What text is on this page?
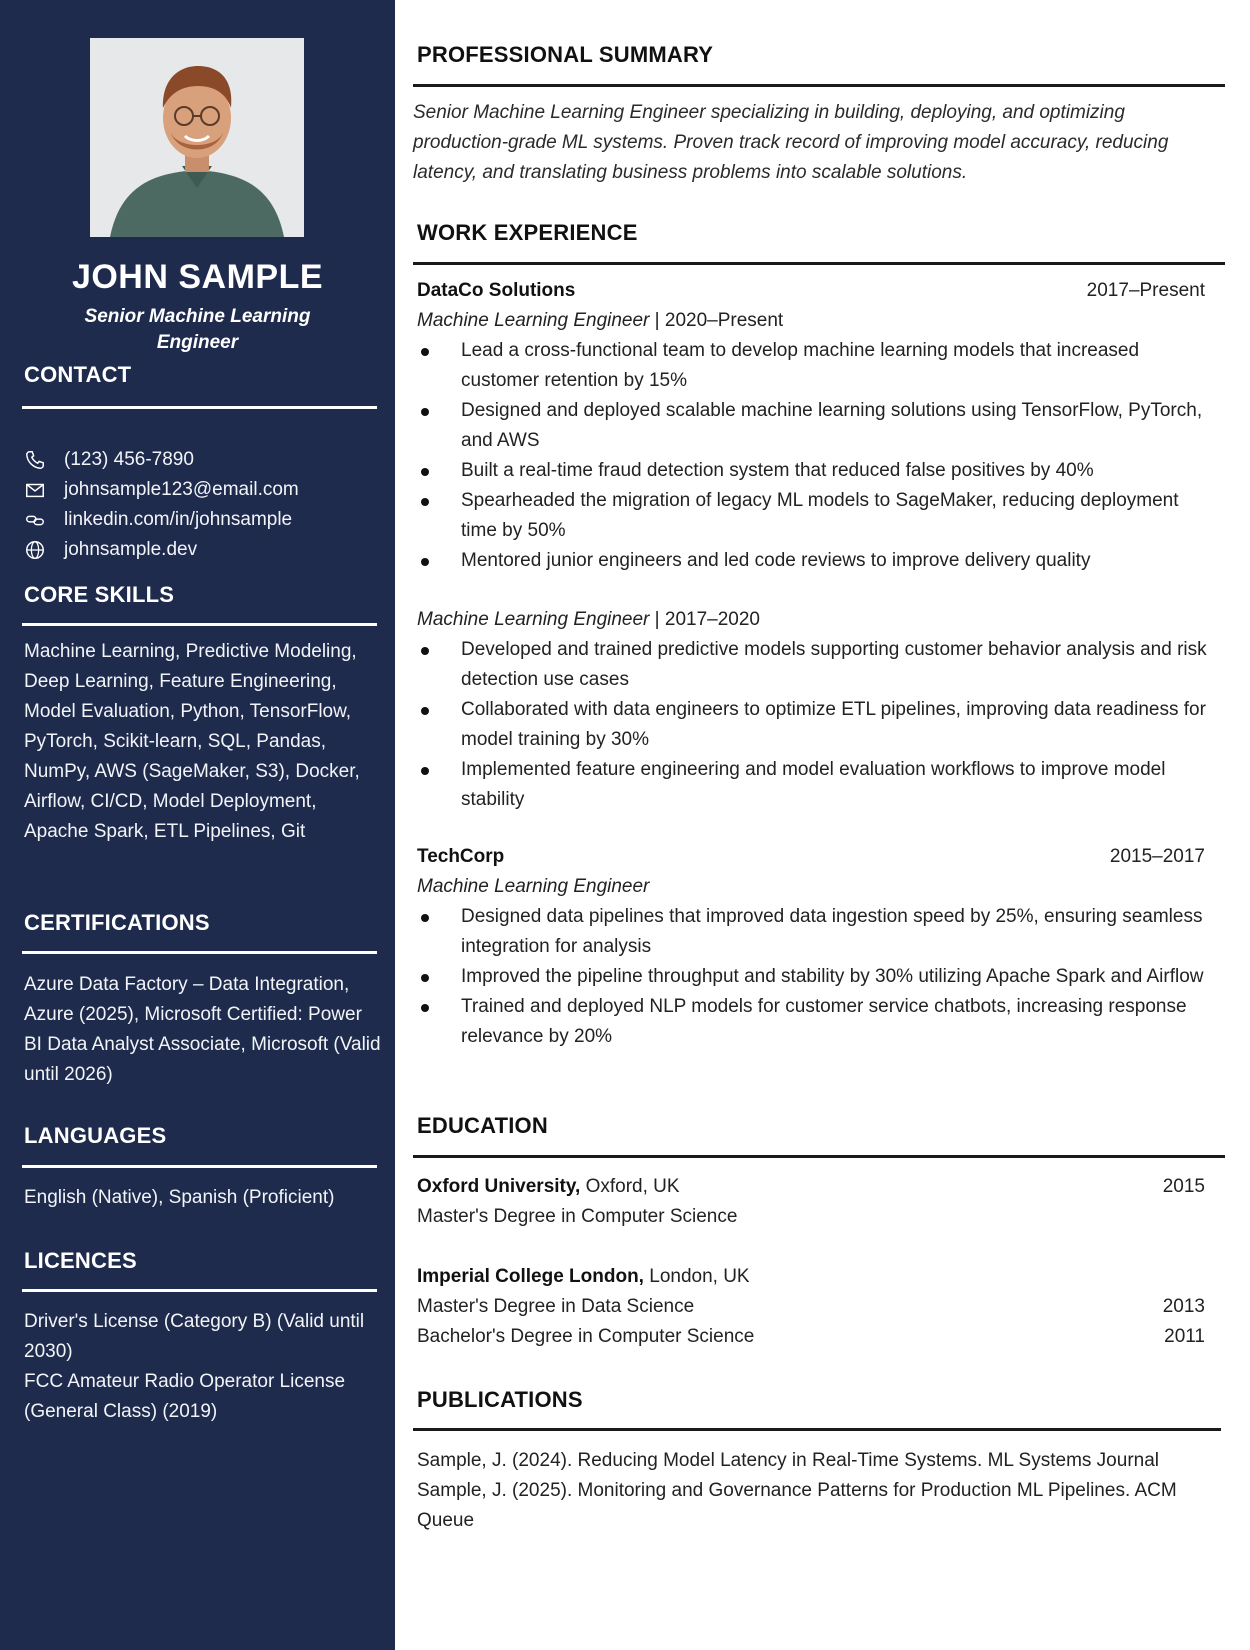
JOHN SAMPLE
Senior Machine Learning Engineer
CONTACT
(123) 456-7890
johnsample123@email.com
linkedin.com/in/johnsample
johnsample.dev
CORE SKILLS
Machine Learning, Predictive Modeling, Deep Learning, Feature Engineering, Model Evaluation, Python, TensorFlow, PyTorch, Scikit-learn, SQL, Pandas, NumPy, AWS (SageMaker, S3), Docker, Airflow, CI/CD, Model Deployment, Apache Spark, ETL Pipelines, Git
CERTIFICATIONS
Azure Data Factory – Data Integration, Azure (2025), Microsoft Certified: Power BI Data Analyst Associate, Microsoft (Valid until 2026)
LANGUAGES
English (Native), Spanish (Proficient)
LICENCES
Driver's License (Category B) (Valid until 2030)
FCC Amateur Radio Operator License (General Class) (2019)
PROFESSIONAL SUMMARY
Senior Machine Learning Engineer specializing in building, deploying, and optimizing production-grade ML systems. Proven track record of improving model accuracy, reducing latency, and translating business problems into scalable solutions.
WORK EXPERIENCE
DataCo Solutions	2017–Present
Machine Learning Engineer | 2020–Present
Lead a cross-functional team to develop machine learning models that increased customer retention by 15%
Designed and deployed scalable machine learning solutions using TensorFlow, PyTorch, and AWS
Built a real-time fraud detection system that reduced false positives by 40%
Spearheaded the migration of legacy ML models to SageMaker, reducing deployment time by 50%
Mentored junior engineers and led code reviews to improve delivery quality
Machine Learning Engineer | 2017–2020
Developed and trained predictive models supporting customer behavior analysis and risk detection use cases
Collaborated with data engineers to optimize ETL pipelines, improving data readiness for model training by 30%
Implemented feature engineering and model evaluation workflows to improve model stability
TechCorp	2015–2017
Machine Learning Engineer
Designed data pipelines that improved data ingestion speed by 25%, ensuring seamless integration for analysis
Improved the pipeline throughput and stability by 30% utilizing Apache Spark and Airflow
Trained and deployed NLP models for customer service chatbots, increasing response relevance by 20%
EDUCATION
Oxford University, Oxford, UK	2015
Master's Degree in Computer Science
Imperial College London, London, UK
Master's Degree in Data Science	2013
Bachelor's Degree in Computer Science	2011
PUBLICATIONS
Sample, J. (2024). Reducing Model Latency in Real-Time Systems. ML Systems Journal
Sample, J. (2025). Monitoring and Governance Patterns for Production ML Pipelines. ACM Queue
